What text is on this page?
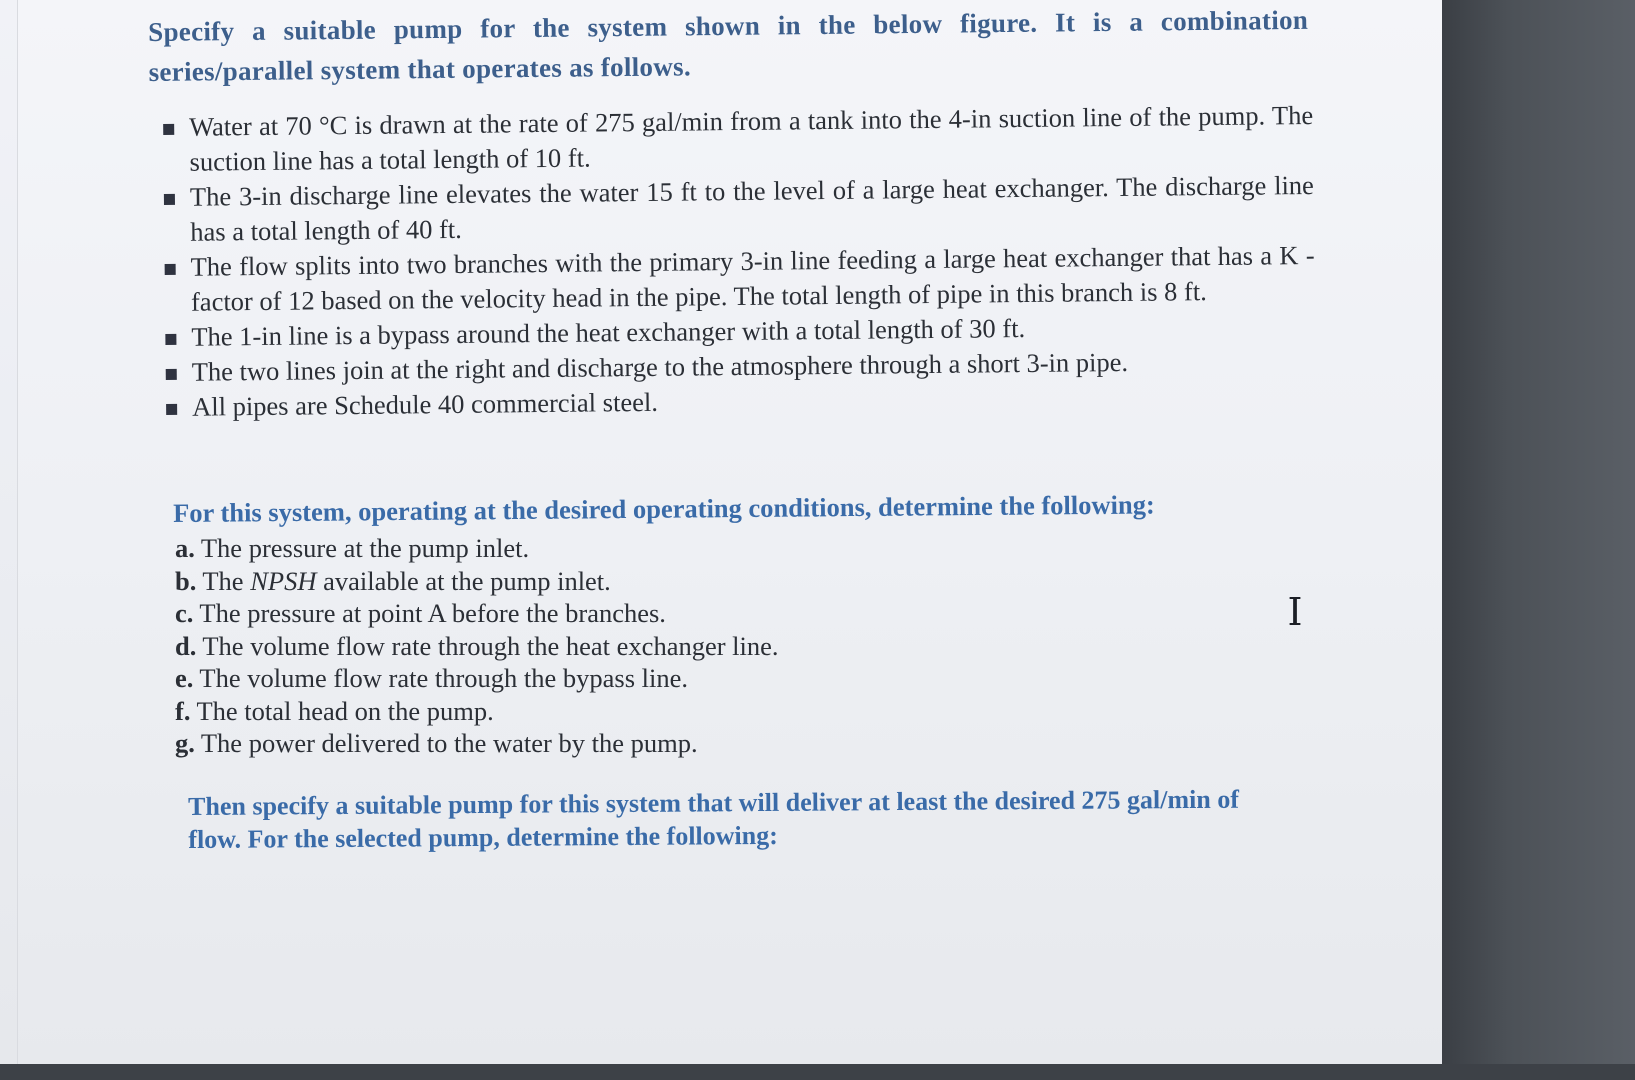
Specify a suitable pump for the system shown in the below figure. It is a combination series/parallel system that operates as follows.
Water at 70 °C is drawn at the rate of 275 gal/min from a tank into the 4-in suction line of the pump. The suction line has a total length of 10 ft.
The 3-in discharge line elevates the water 15 ft to the level of a large heat exchanger. The discharge line has a total length of 40 ft.
The flow splits into two branches with the primary 3-in line feeding a large heat exchanger that has a K -factor of 12 based on the velocity head in the pipe. The total length of pipe in this branch is 8 ft.
The 1-in line is a bypass around the heat exchanger with a total length of 30 ft.
The two lines join at the right and discharge to the atmosphere through a short 3-in pipe.
All pipes are Schedule 40 commercial steel.
For this system, operating at the desired operating conditions, determine the following:
a. The pressure at the pump inlet.
b. The NPSH available at the pump inlet.
c. The pressure at point A before the branches.
d. The volume flow rate through the heat exchanger line.
e. The volume flow rate through the bypass line.
f. The total head on the pump.
g. The power delivered to the water by the pump.
Then specify a suitable pump for this system that will deliver at least the desired 275 gal/min of flow. For the selected pump, determine the following:
I
